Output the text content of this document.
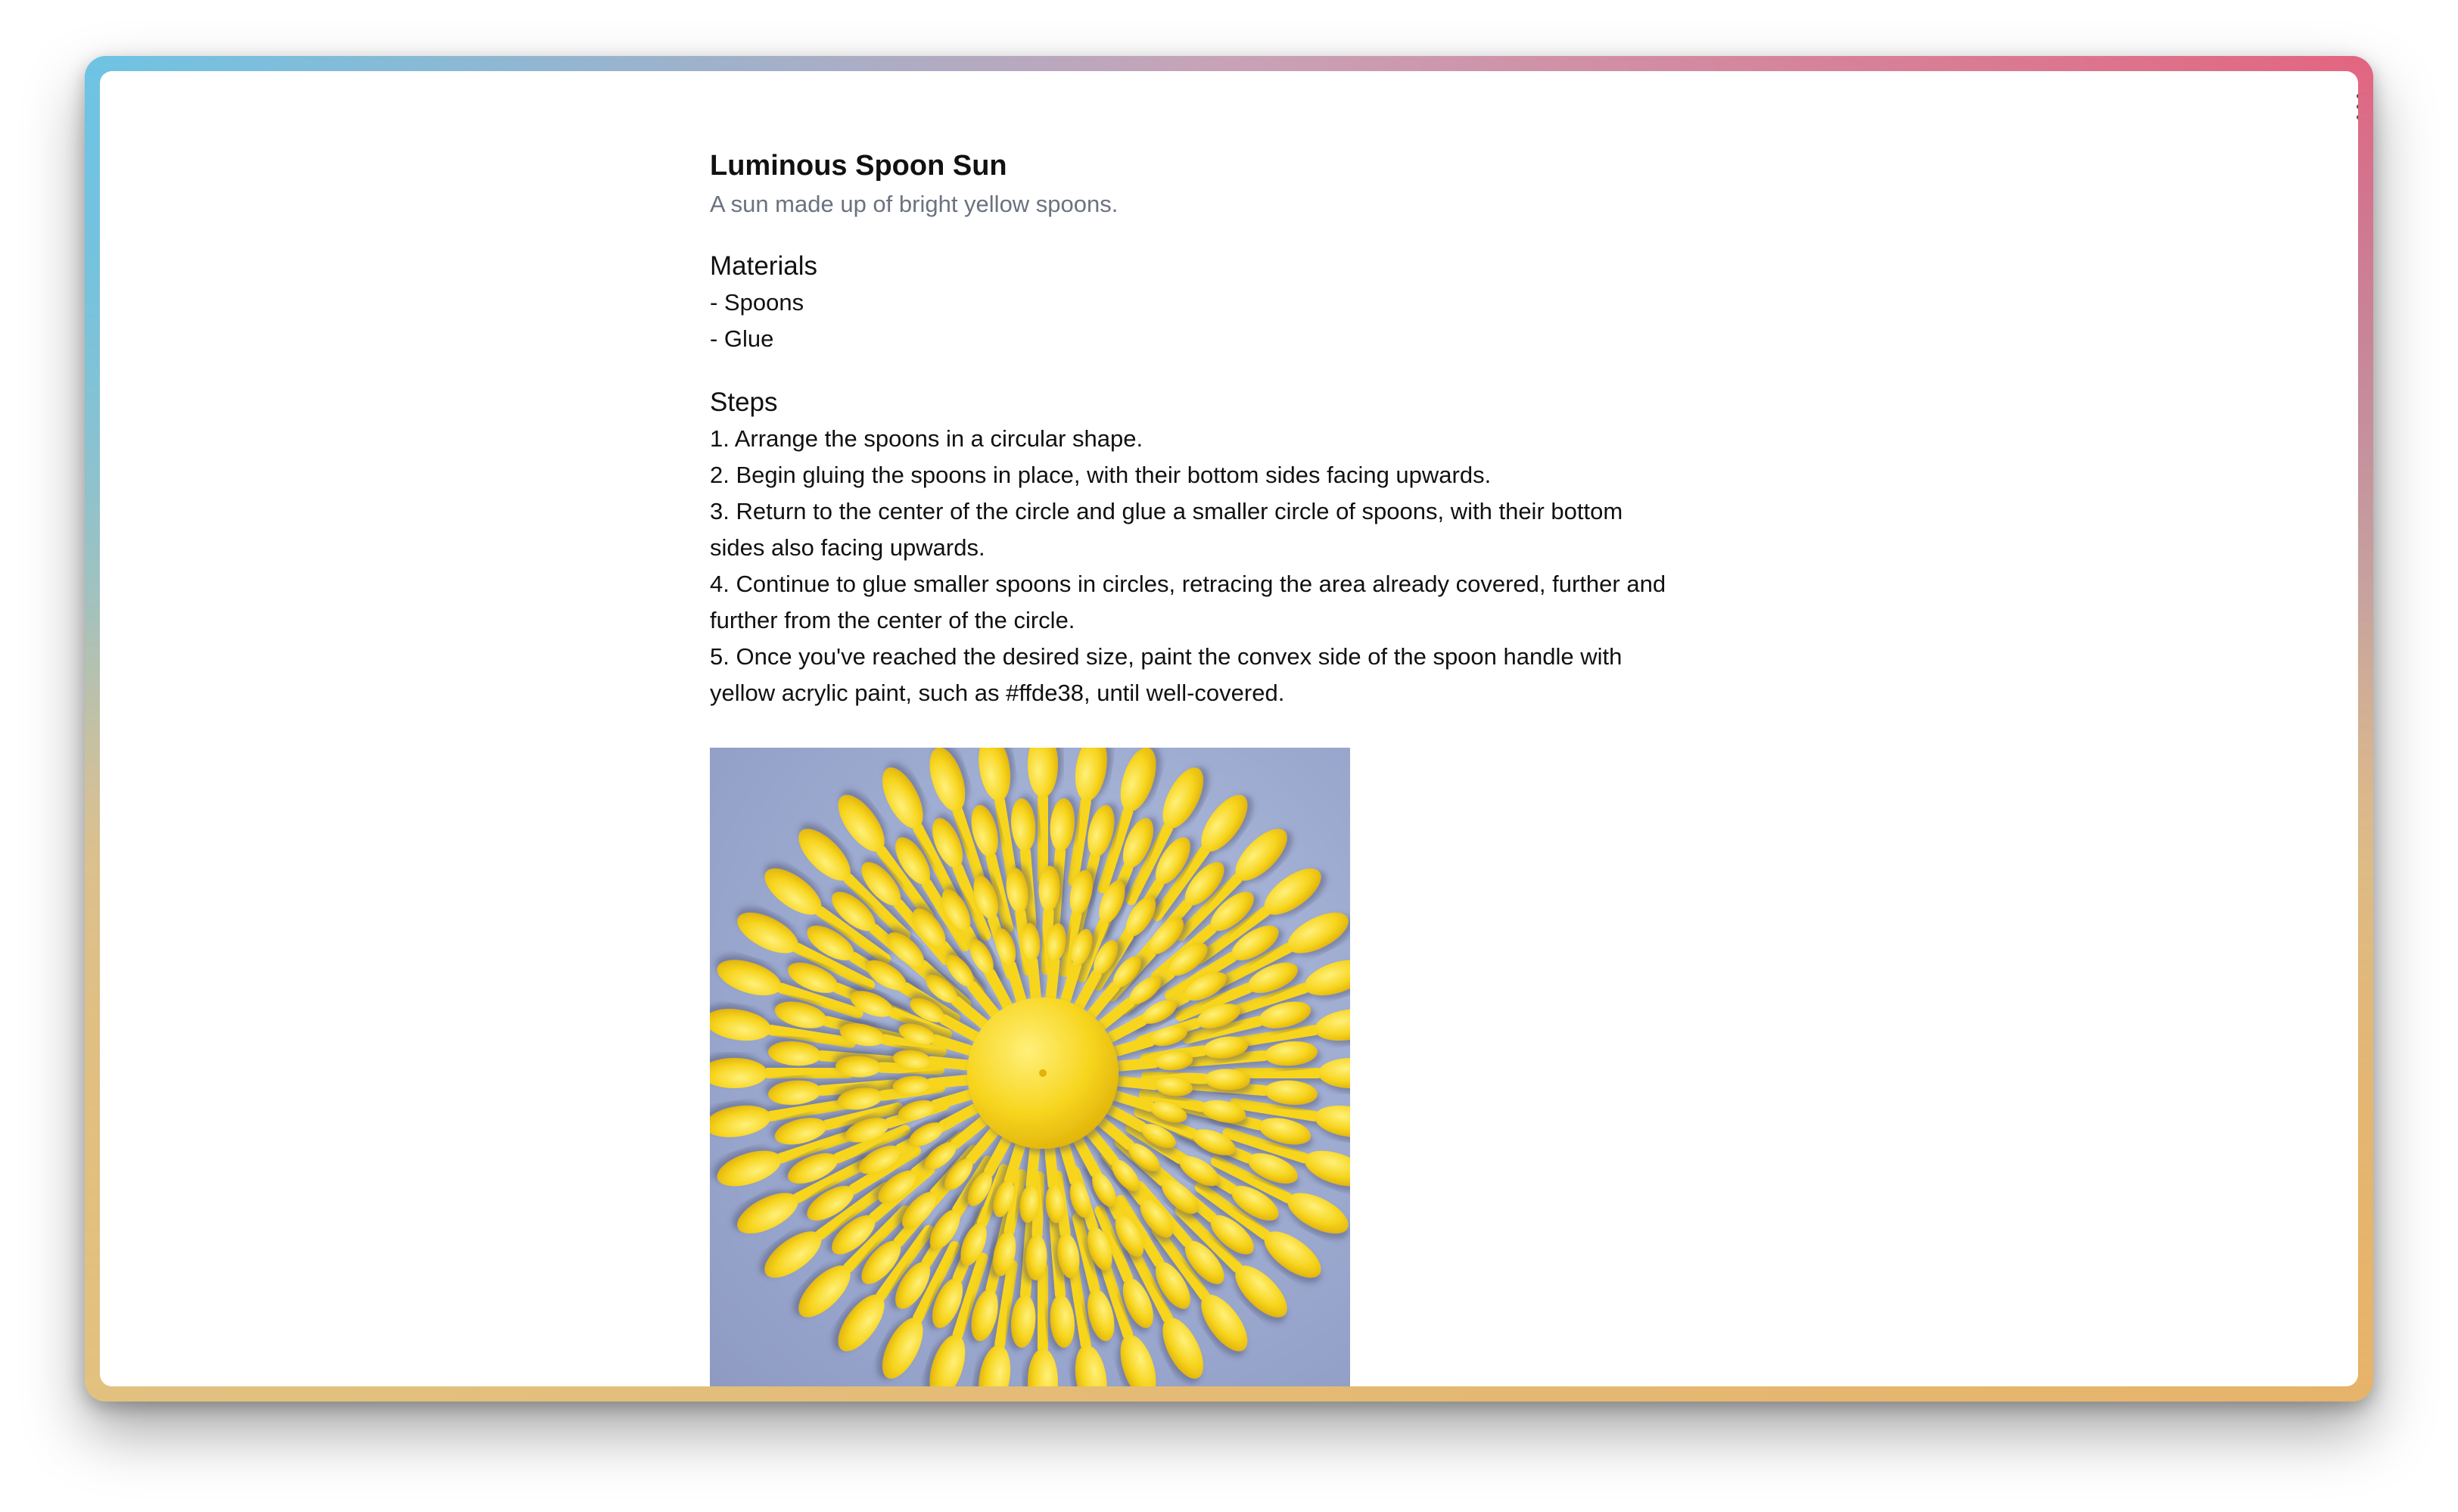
Luminous Spoon Sun

A sun made up of bright yellow spoons.

Materials
- Spoons
- Glue
Steps
1. Arrange the spoons in a circular shape.
2. Begin gluing the spoons in place, with their bottom sides facing upwards.
3. Return to the center of the circle and glue a smaller circle of spoons, with their bottom
sides also facing upwards.
4. Continue to glue smaller spoons in circles, retracing the area already covered, further and
further from the center of the circle.
5. Once you've reached the desired size, paint the convex side of the spoon handle with
yellow acrylic paint, such as #ffde38, until well-covered.
